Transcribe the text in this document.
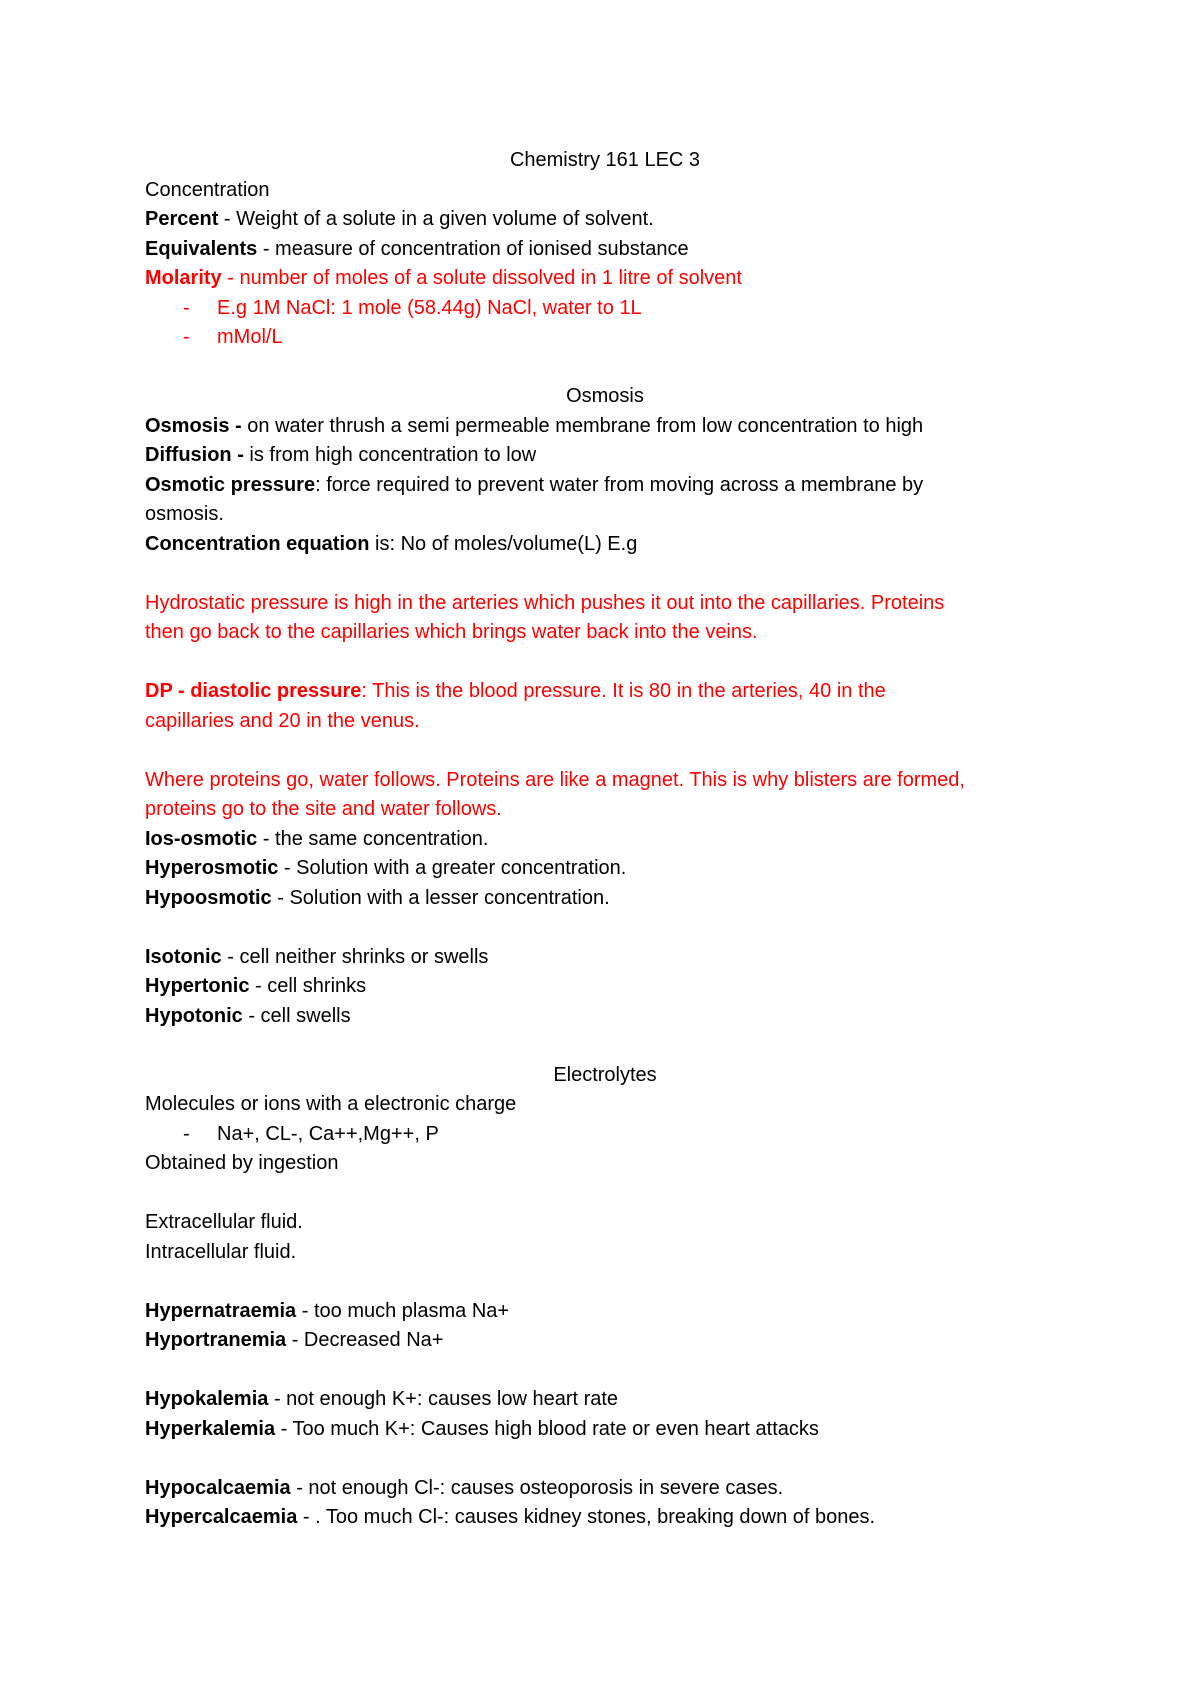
Chemistry 161 LEC 3
Concentration
Percent - Weight of a solute in a given volume of solvent.
Equivalents - measure of concentration of ionised substance
Molarity - number of moles of a solute dissolved in 1 litre of solvent
- E.g 1M NaCl: 1 mole (58.44g) NaCl, water to 1L
- mMol/L
Osmosis
Osmosis - on water thrush a semi permeable membrane from low concentration to high
Diffusion - is from high concentration to low
Osmotic pressure: force required to prevent water from moving across a membrane by
osmosis.
Concentration equation is: No of moles/volume(L) E.g
Hydrostatic pressure is high in the arteries which pushes it out into the capillaries. Proteins
then go back to the capillaries which brings water back into the veins.
DP - diastolic pressure: This is the blood pressure. It is 80 in the arteries, 40 in the
capillaries and 20 in the venus.
Where proteins go, water follows. Proteins are like a magnet. This is why blisters are formed,
proteins go to the site and water follows.
Ios-osmotic - the same concentration.
Hyperosmotic - Solution with a greater concentration.
Hypoosmotic - Solution with a lesser concentration.
Isotonic - cell neither shrinks or swells
Hypertonic - cell shrinks
Hypotonic - cell swells
Electrolytes
Molecules or ions with a electronic charge
- Na+, CL-, Ca++,Mg++, P
Obtained by ingestion
Extracellular fluid.
Intracellular fluid.
Hypernatraemia - too much plasma Na+
Hyportranemia - Decreased Na+
Hypokalemia - not enough K+: causes low heart rate
Hyperkalemia - Too much K+: Causes high blood rate or even heart attacks
Hypocalcaemia - not enough Cl-: causes osteoporosis in severe cases.
Hypercalcaemia - . Too much Cl-: causes kidney stones, breaking down of bones.
